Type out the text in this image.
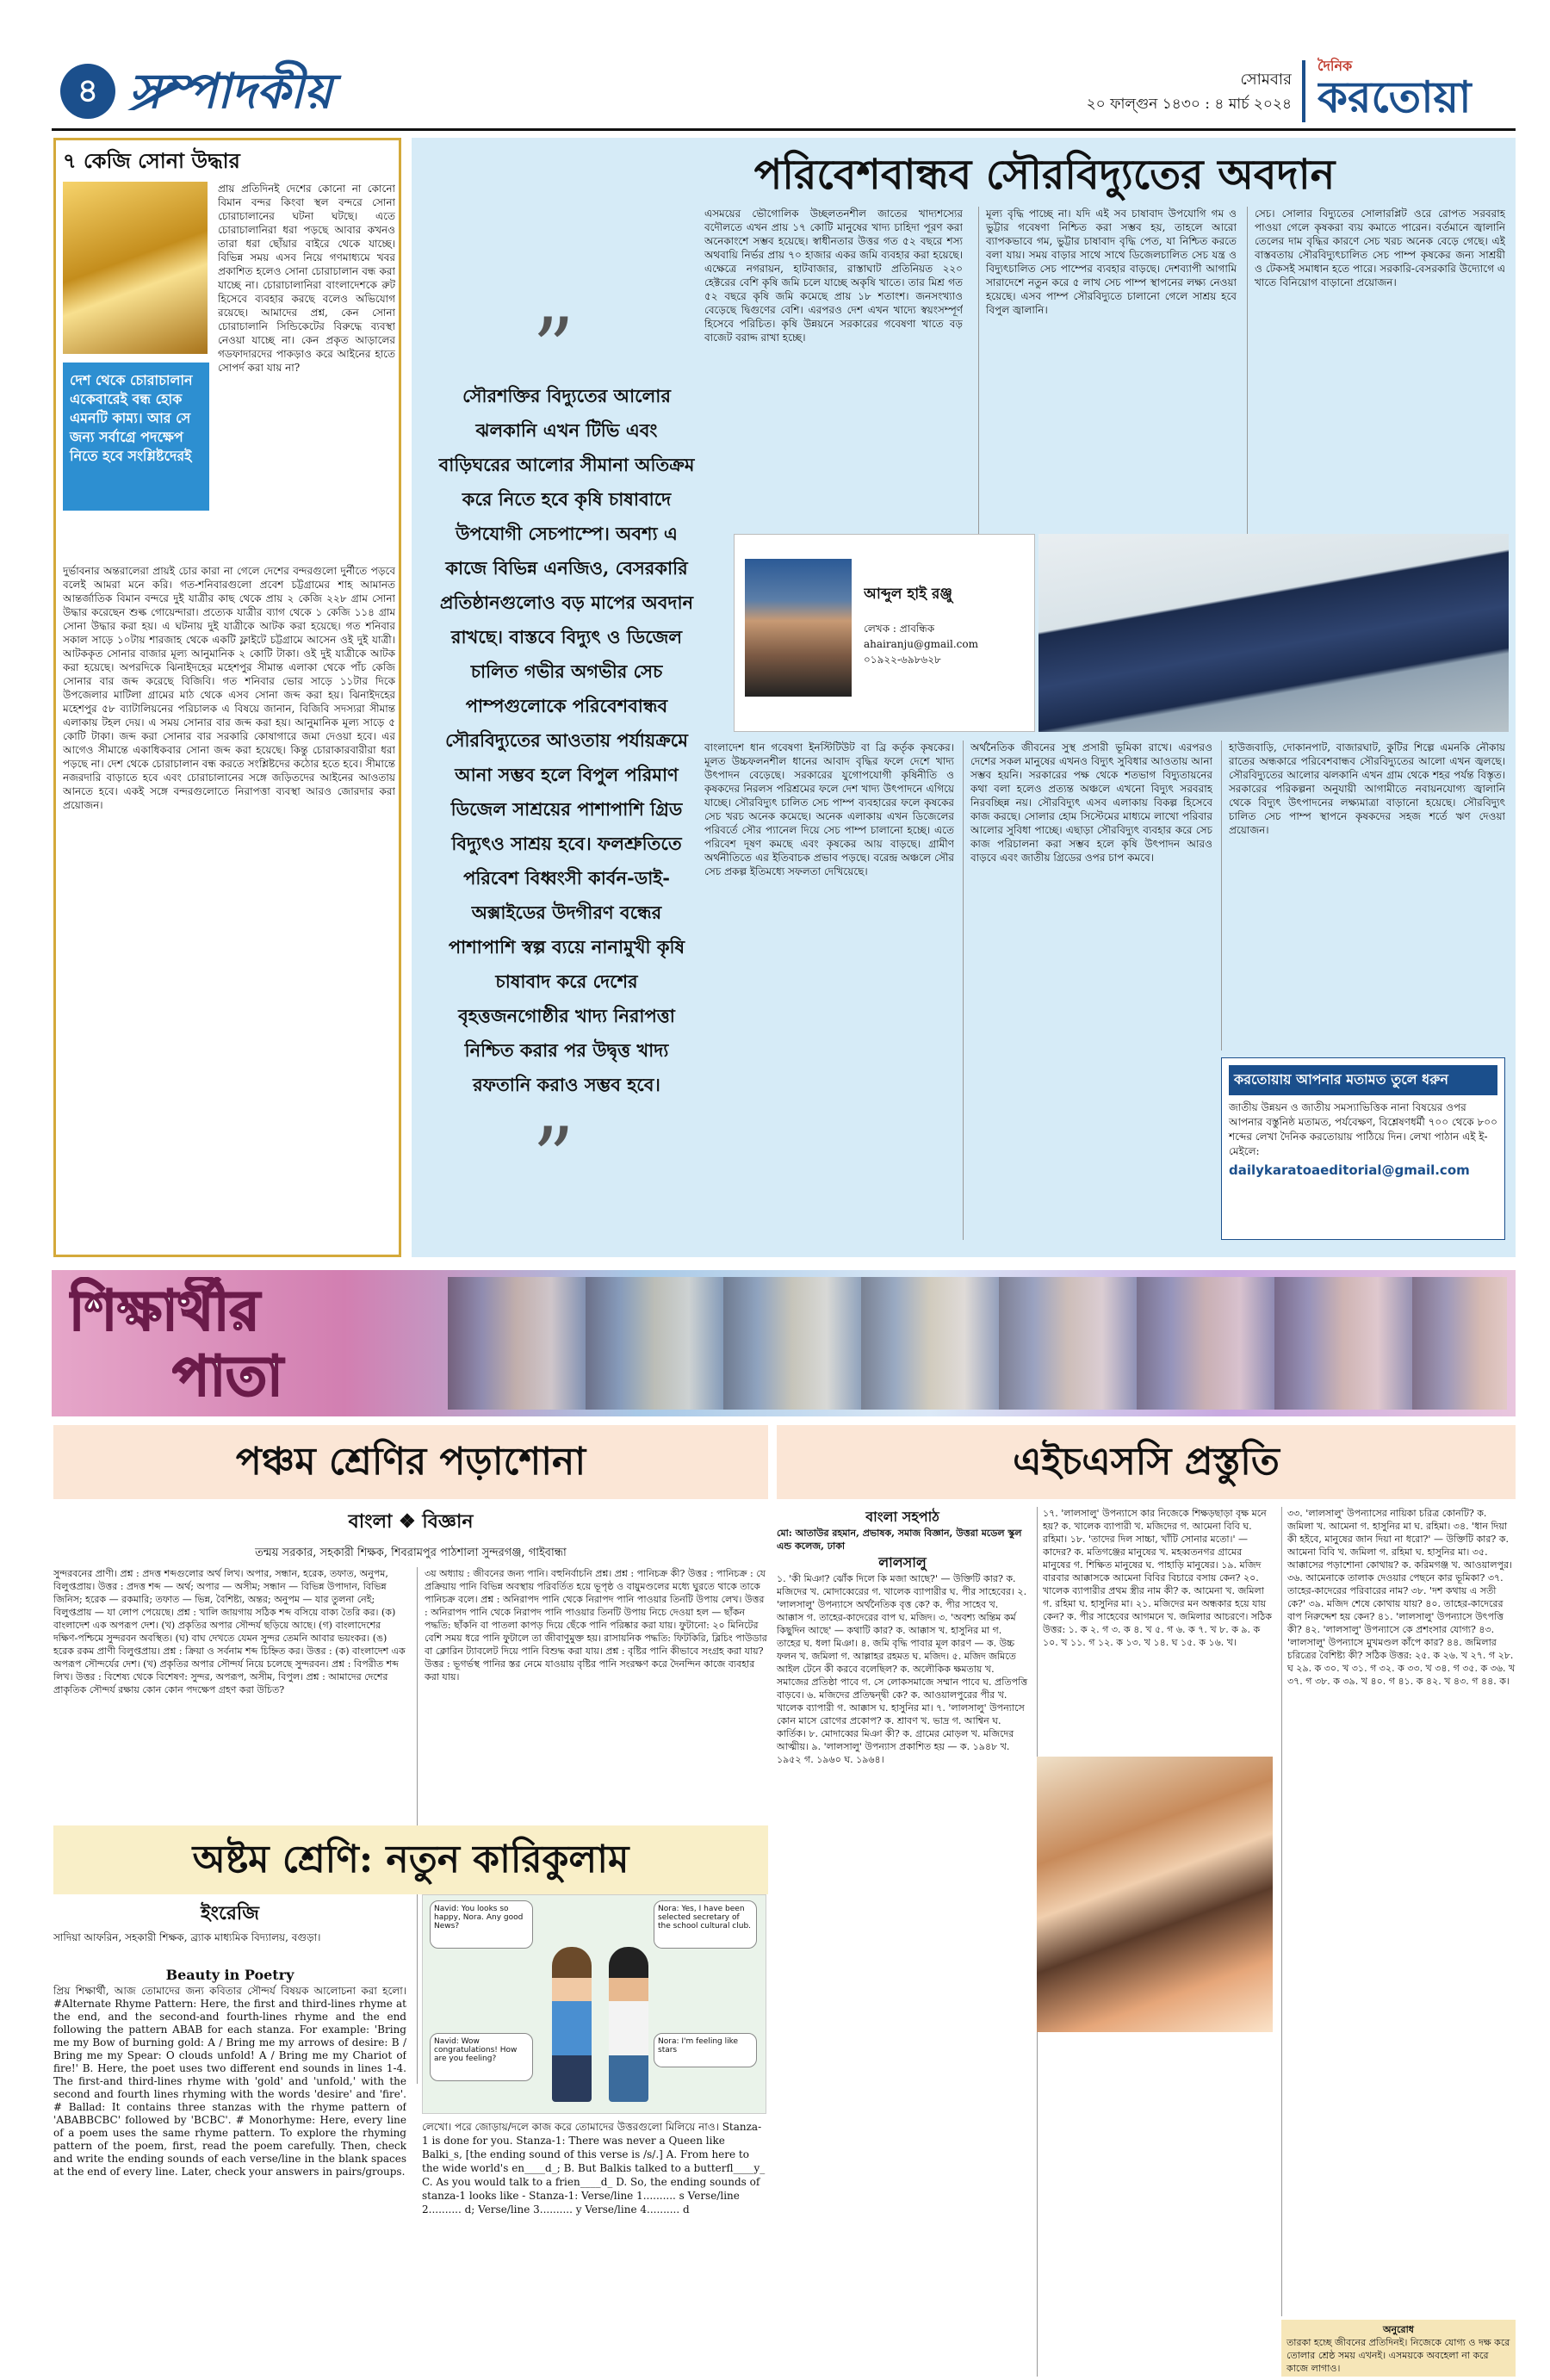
৪ সম্পাদকীয়	সোমবার
২০ ফাল্গুন ১৪৩০ : ৪ মার্চ ২০২৪
দৈনিক
করতোয়া
৭ কেজি সোনা উদ্ধার
প্রায় প্রতিদিনই দেশের কোনো না কোনো বিমান বন্দর কিংবা স্থল বন্দরে সোনা চোরাচালানের ঘটনা ঘটছে। এতে চোরাচালানিরা ধরা পড়ছে আবার কখনও তারা ধরা ছোঁয়ার বাইরে থেকে যাচ্ছে। বিভিন্ন সময় এসব নিয়ে গণমাধ্যমে খবর প্রকাশিত হলেও সোনা চোরাচালান বন্ধ করা যাচ্ছে না। চোরাচালানিরা বাংলাদেশকে রুট হিসেবে ব্যবহার করছে বলেও অভিযোগ রয়েছে। আমাদের প্রশ্ন, কেন সোনা চোরাচালানি সিন্ডিকেটের বিরুদ্ধে ব্যবস্থা নেওয়া যাচ্ছে না। কেন প্রকৃত আড়ালের গডফাদারদের পাকড়াও করে আইনের হাতে সোপর্দ করা যায় না?
দেশ থেকে চোরাচালান একেবারেই বন্ধ হোক এমনটি কাম্য। আর সে জন্য সর্বাগ্রে পদক্ষেপ নিতে হবে সংশ্লিষ্টদেরই
দুর্ভাবনার অন্তরালেরা প্রায়ই চোর কারা না গেলে দেশের বন্দরগুলো দুর্নীতে পড়বে বলেই আমরা মনে করি। গত-শনিবারগুলো প্রবেশ চট্টগ্রামের শাহ আমানত আন্তর্জাতিক বিমান বন্দরে দুই যাত্রীর কাছ থেকে প্রায় ২ কেজি ২২৮ গ্রাম সোনা উদ্ধার করেছেন শুল্ক গোয়েন্দারা। প্রত্যেক যাত্রীর ব্যাগ থেকে ১ কেজি ১১৪ গ্রাম সোনা উদ্ধার করা হয়। এ ঘটনায় দুই যাত্রীকে আটক করা হয়েছে। গত শনিবার সকাল সাড়ে ১০টায় শারজাহ থেকে একটি ফ্লাইটে চট্টগ্রামে আসেন ওই দুই যাত্রী। আটককৃত সোনার বাজার মূল্য আনুমানিক ২ কোটি টাকা। ওই দুই যাত্রীকে আটক করা হয়েছে। অপরদিকে ঝিনাইদহের মহেশপুর সীমান্ত এলাকা থেকে পাঁচ কেজি সোনার বার জব্দ করেছে বিজিবি। গত শনিবার ভোর সাড়ে ১১টার দিকে উপজেলার মাটিলা গ্রামের মাঠ থেকে এসব সোনা জব্দ করা হয়। ঝিনাইদহের মহেশপুর ৫৮ ব্যাটালিয়নের পরিচালক এ বিষয়ে জানান, বিজিবি সদস্যরা সীমান্ত এলাকায় টহল দেয়। এ সময় সোনার বার জব্দ করা হয়। আনুমানিক মূল্য সাড়ে ৫ কোটি টাকা। জব্দ করা সোনার বার সরকারি কোষাগারে জমা দেওয়া হবে। এর আগেও সীমান্তে একাধিকবার সোনা জব্দ করা হয়েছে। কিন্তু চোরাকারবারীরা ধরা পড়ছে না। দেশ থেকে চোরাচালান বন্ধ করতে সংশ্লিষ্টদের কঠোর হতে হবে। সীমান্তে নজরদারি বাড়াতে হবে এবং চোরাচালানের সঙ্গে জড়িতদের আইনের আওতায় আনতে হবে। একই সঙ্গে বন্দরগুলোতে নিরাপত্তা ব্যবস্থা আরও জোরদার করা প্রয়োজন।
পরিবেশবান্ধব সৌরবিদ্যুতের অবদান
”
সৌরশক্তির বিদ্যুতের আলোর ঝলকানি এখন টিভি এবং বাড়িঘরের আলোর সীমানা অতিক্রম করে নিতে হবে কৃষি চাষাবাদে উপযোগী সেচপাম্পে। অবশ্য এ কাজে বিভিন্ন এনজিও, বেসরকারি প্রতিষ্ঠানগুলোও বড় মাপের অবদান রাখছে। বাস্তবে বিদ্যুৎ ও ডিজেল চালিত গভীর অগভীর সেচ পাম্পগুলোকে পরিবেশবান্ধব সৌরবিদ্যুতের আওতায় পর্যায়ক্রমে আনা সম্ভব হলে বিপুল পরিমাণ ডিজেল সাশ্রয়ের পাশাপাশি গ্রিড বিদ্যুৎও সাশ্রয় হবে। ফলশ্রুতিতে পরিবেশ বিধ্বংসী কার্বন-ডাই-অক্সাইডের উদগীরণ বন্ধের পাশাপাশি স্বল্প ব্যয়ে নানামুখী কৃষি চাষাবাদ করে দেশের বৃহত্তজনগোষ্ঠীর খাদ্য নিরাপত্তা নিশ্চিত করার পর উদ্বৃত্ত খাদ্য রফতানি করাও সম্ভব হবে।
”
এসময়ের ভৌগোলিক উচ্ছলতনশীল জাতের খাদ্যশস্যের বদৌলতে এখন প্রায় ১৭ কোটি মানুষের খাদ্য চাহিদা পূরণ করা অনেকাংশে সম্ভব হয়েছে। স্বাধীনতার উত্তর গত ৫২ বছরে শস্য অথবায়ি নির্ভর প্রায় ৭০ হাজার একর জমি ব্যবহার করা হয়েছে। এক্ষেত্রে নগরায়ন, হাটবাজার, রাস্তাঘাট প্রতিনিয়ত ২২০ হেক্টরের বেশি কৃষি জমি চলে যাচ্ছে অকৃষি খাতে। তার মিশ্র গত ৫২ বছরে কৃষি জমি কমেছে প্রায় ১৮ শতাংশ। জনসংখ্যাও বেড়েছে দ্বিগুণের বেশি। এরপরও দেশ এখন খাদ্যে স্বয়ংসম্পূর্ণ হিসেবে পরিচিত। কৃষি উন্নয়নে সরকারের গবেষণা খাতে বড় বাজেট বরাদ্দ রাখা হচ্ছে।
মূল্য বৃদ্ধি পাচ্ছে না। যদি এই সব চাষাবাদ উপযোগি গম ও ভুট্টার গবেষণা নিশ্চিত করা সম্ভব হয়, তাহলে আরো ব্যাপকভাবে গম, ভুট্টার চাষাবাদ বৃদ্ধি পেত, যা নিশ্চিত করতে বলা যায়। সময় বাড়ার সাথে সাথে ডিজেলচালিত সেচ যন্ত্র ও বিদ্যুৎচালিত সেচ পাম্পের ব্যবহার বাড়ছে। দেশব্যাপী আগামি সারাদেশে নতুন করে ৫ লাখ সেচ পাম্প স্থাপনের লক্ষ্য নেওয়া হয়েছে। এসব পাম্প সৌরবিদ্যুতে চালানো গেলে সাশ্রয় হবে বিপুল জ্বালানি।
সেচ। সোলার বিদ্যুতের সোলারপ্লিট ওরে রোপত সরবরাহ পাওয়া গেলে কৃষকরা ব্যয় কমাতে পারেন। বর্তমানে জ্বালানি তেলের দাম বৃদ্ধির কারণে সেচ খরচ অনেক বেড়ে গেছে। এই বাস্তবতায় সৌরবিদ্যুৎচালিত সেচ পাম্প কৃষকের জন্য সাশ্রয়ী ও টেকসই সমাধান হতে পারে। সরকারি-বেসরকারি উদ্যোগে এ খাতে বিনিয়োগ বাড়ানো প্রয়োজন।
আব্দুল হাই রঞ্জু
লেখক : প্রাবন্ধিক
ahairanju@gmail.com
০১৯২২-৬৯৮৬২৮
বাংলাদেশ ধান গবেষণা ইনস্টিটিউট বা ব্রি কর্তৃক কৃষকের। মূলত উচ্চফলনশীল ধানের আবাদ বৃদ্ধির ফলে দেশে খাদ্য উৎপাদন বেড়েছে। সরকারের যুগোপযোগী কৃষিনীতি ও কৃষকদের নিরলস পরিশ্রমের ফলে দেশ খাদ্য উৎপাদনে এগিয়ে যাচ্ছে। সৌরবিদ্যুৎ চালিত সেচ পাম্প ব্যবহারের ফলে কৃষকের সেচ খরচ অনেক কমেছে। অনেক এলাকায় এখন ডিজেলের পরিবর্তে সৌর প্যানেল দিয়ে সেচ পাম্প চালানো হচ্ছে। এতে পরিবেশ দূষণ কমছে এবং কৃষকের আয় বাড়ছে। গ্রামীণ অর্থনীতিতে এর ইতিবাচক প্রভাব পড়ছে। বরেন্দ্র অঞ্চলে সৌর সেচ প্রকল্প ইতিমধ্যে সফলতা দেখিয়েছে।
অর্থনৈতিক জীবনের সুস্থ প্রসারী ভূমিকা রাখে। এরপরও দেশের সকল মানুষের এখনও বিদ্যুৎ সুবিধার আওতায় আনা সম্ভব হয়নি। সরকারের পক্ষ থেকে শতভাগ বিদ্যুতায়নের কথা বলা হলেও প্রত্যন্ত অঞ্চলে এখনো বিদ্যুৎ সরবরাহ নিরবচ্ছিন্ন নয়। সৌরবিদ্যুৎ এসব এলাকায় বিকল্প হিসেবে কাজ করছে। সোলার হোম সিস্টেমের মাধ্যমে লাখো পরিবার আলোর সুবিধা পাচ্ছে। এছাড়া সৌরবিদ্যুৎ ব্যবহার করে সেচ কাজ পরিচালনা করা সম্ভব হলে কৃষি উৎপাদন আরও বাড়বে এবং জাতীয় গ্রিডের ওপর চাপ কমবে।
হাউজবাড়ি, দোকানপাট, বাজারঘাট, কুটির শিল্পে এমনকি নৌকায় রাতের অন্ধকারে পরিবেশবান্ধব সৌরবিদ্যুতের আলো এখন জ্বলছে। সৌরবিদ্যুতের আলোর ঝলকানি এখন গ্রাম থেকে শহর পর্যন্ত বিস্তৃত। সরকারের পরিকল্পনা অনুযায়ী আগামীতে নবায়নযোগ্য জ্বালানি থেকে বিদ্যুৎ উৎপাদনের লক্ষ্যমাত্রা বাড়ানো হয়েছে। সৌরবিদ্যুৎ চালিত সেচ পাম্প স্থাপনে কৃষকদের সহজ শর্তে ঋণ দেওয়া প্রয়োজন।
করতোয়ায় আপনার মতামত তুলে ধরুন
জাতীয় উন্নয়ন ও জাতীয় সমস্যাভিত্তিক নানা বিষয়ের ওপর আপনার বস্তুনিষ্ঠ মতামত, পর্যবেক্ষণ, বিশ্লেষণধর্মী ৭০০ থেকে ৮০০ শব্দের লেখা দৈনিক করতোয়ায় পাঠিয়ে দিন। লেখা পাঠান এই ই-মেইলে:
dailykaratoaeditorial@gmail.com
শিক্ষার্থীর
পাতা
পঞ্চম শ্রেণির পড়াশোনা
বাংলা ❖ বিজ্ঞান
তন্ময় সরকার, সহকারী শিক্ষক, শিবরামপুর পাঠশালা সুন্দরগঞ্জ, গাইবান্ধা
সুন্দরবনের প্রাণী। প্রশ্ন : প্রদত্ত শব্দগুলোর অর্থ লিখ। অপার, সন্ধান, হরেক, তফাত, অনুপম, বিলুপ্তপ্রায়। উত্তর : প্রদত্ত শব্দ — অর্থ; অপার — অসীম; সন্ধান — বিভিন্ন উপাদান, বিভিন্ন জিনিস; হরেক — রকমারি; তফাত — ভিন্ন, বৈশিষ্ট্য, অন্তর; অনুপম — যার তুলনা নেই; বিলুপ্তপ্রায় — যা লোপ পেয়েছে। প্রশ্ন : খালি জায়গায় সঠিক শব্দ বসিয়ে বাক্য তৈরি কর। (ক) বাংলাদেশ এক অপরূপ দেশ। (খ) প্রকৃতির অপার সৌন্দর্য ছড়িয়ে আছে। (গ) বাংলাদেশের দক্ষিণ-পশ্চিমে সুন্দরবন অবস্থিত। (ঘ) বাঘ দেখতে যেমন সুন্দর তেমনি আবার ভয়ংকর। (ঙ) হরেক রকম প্রাণী বিলুপ্তপ্রায়। প্রশ্ন : ক্রিয়া ও সর্বনাম শব্দ চিহ্নিত কর। উত্তর : (ক) বাংলাদেশ এক অপরূপ সৌন্দর্যের দেশ। (খ) প্রকৃতির অপার সৌন্দর্য নিয়ে চলেছে সুন্দরবন। প্রশ্ন : বিপরীত শব্দ লিখ। উত্তর : বিশেষ্য থেকে বিশেষণ: সুন্দর, অপরূপ, অসীম, বিপুল। প্রশ্ন : আমাদের দেশের প্রাকৃতিক সৌন্দর্য রক্ষায় কোন কোন পদক্ষেপ গ্রহণ করা উচিত?
৩য় অধ্যায় : জীবনের জন্য পানি। বহুনির্বাচনি প্রশ্ন। প্রশ্ন : পানিচক্র কী? উত্তর : পানিচক্র : যে প্রক্রিয়ায় পানি বিভিন্ন অবস্থায় পরিবর্তিত হয়ে ভূপৃষ্ঠ ও বায়ুমণ্ডলের মধ্যে ঘুরতে থাকে তাকে পানিচক্র বলে। প্রশ্ন : অনিরাপদ পানি থেকে নিরাপদ পানি পাওয়ার তিনটি উপায় লেখ। উত্তর : অনিরাপদ পানি থেকে নিরাপদ পানি পাওয়ার তিনটি উপায় নিচে দেওয়া হল — ছাঁকন পদ্ধতি: ছাঁকনি বা পাতলা কাপড় দিয়ে ছেঁকে পানি পরিষ্কার করা যায়। ফুটানো: ২০ মিনিটের বেশি সময় ধরে পানি ফুটালে তা জীবাণুমুক্ত হয়। রাসায়নিক পদ্ধতি: ফিটকিরি, ব্লিচিং পাউডার বা ক্লোরিন ট্যাবলেট দিয়ে পানি বিশুদ্ধ করা যায়। প্রশ্ন : বৃষ্টির পানি কীভাবে সংগ্রহ করা যায়? উত্তর : ভূগর্ভস্থ পানির স্তর নেমে যাওয়ায় বৃষ্টির পানি সংরক্ষণ করে দৈনন্দিন কাজে ব্যবহার করা যায়।
অষ্টম শ্রেণি: নতুন কারিকুলাম
ইংরেজি
সাদিয়া আফরিন, সহকারী শিক্ষক, ব্র্যাক মাধ্যমিক বিদ্যালয়, বগুড়া।
Beauty in Poetry
প্রিয় শিক্ষার্থী, আজ তোমাদের জন্য কবিতার সৌন্দর্য বিষয়ক আলোচনা করা হলো। #Alternate Rhyme Pattern: Here, the first and third-lines rhyme at the end, and the second-and fourth-lines rhyme and the end following the pattern ABAB for each stanza. For example: 'Bring me my Bow of burning gold: A / Bring me my arrows of desire: B / Bring me my Spear: O clouds unfold! A / Bring me my Chariot of fire!' B. Here, the poet uses two different end sounds in lines 1-4. The first-and third-lines rhyme with 'gold' and 'unfold,' with the second and fourth lines rhyming with the words 'desire' and 'fire'. # Ballad: It contains three stanzas with the rhyme pattern of 'ABABBCBC' followed by 'BCBC'. # Monorhyme: Here, every line of a poem uses the same rhyme pattern. To explore the rhyming pattern of the poem, first, read the poem carefully. Then, check and write the ending sounds of each verse/line in the blank spaces at the end of every line. Later, check your answers in pairs/groups.
Navid: You looks so happy, Nora. Any good News?
Nora: Yes, I have been selected secretary of the school cultural club.
Navid: Wow congratulations! How are you feeling?
Nora: I'm feeling like stars
লেখো। পরে জোড়ায়/দলে কাজ করে তোমাদের উত্তরগুলো মিলিয়ে নাও। Stanza-1 is done for you. Stanza-1: There was never a Queen like Balki_s, [the ending sound of this verse is /s/.] A. From here to the wide world's en____d_; B. But Balkis talked to a butterfl____y_ C. As you would talk to a frien____d_ D. So, the ending sounds of stanza-1 looks like - Stanza-1: Verse/line 1.......... s Verse/line 2.......... d; Verse/line 3.......... y Verse/line 4.......... d
এইচএসসি প্রস্তুতি
বাংলা সহপাঠ
মো: আতাউর রহমান, প্রভাষক, সমাজ বিজ্ঞান, উত্তরা মডেল স্কুল এন্ড কলেজ, ঢাকা
লালসালু
১. 'কী মিঞা? ঝোঁক দিলে কি মজা আছে?' — উক্তিটি কার? ক. মজিদের খ. মোদাব্বেরের গ. খালেক ব্যাপারীর ঘ. পীর সাহেবের। ২. 'লালসালু' উপন্যাসে অর্থনৈতিক বৃত্ত কে? ক. পীর সাহেব খ. আক্কাস গ. তাহের-কাদেরের বাপ ঘ. মজিদ। ৩. 'অবশ্য অন্তিম কর্ম কিছুদিন আছে' — কথাটি কার? ক. আক্কাস খ. হাসুনির মা গ. তাহের ঘ. ধলা মিঞা। ৪. জমি বৃদ্ধি পাবার মূল কারণ — ক. উচ্চ ফলন খ. জমিলা গ. আল্লাহর রহমত ঘ. মজিদ। ৫. মজিদ জমিতে আইল টেনে কী করবে বলেছিল? ক. অলৌকিক ক্ষমতায় খ. সমাজের প্রতিষ্ঠা পাবে গ. সে লোকসমাজে সম্মান পাবে ঘ. প্রতিপত্তি বাড়বে। ৬. মজিদের প্রতিদ্বন্দ্বী কে? ক. আওয়ালপুরের পীর খ. খালেক ব্যাপারী গ. আক্কাস ঘ. হাসুনির মা। ৭. 'লালসালু' উপন্যাসে কোন মাসে রোগের প্রকোপ? ক. শ্রাবণ খ. ভাদ্র গ. আশ্বিন ঘ. কার্তিক। ৮. মোদাব্বের মিঞা কী? ক. গ্রামের মোড়ল খ. মজিদের আত্মীয়। ৯. 'লালসালু' উপন্যাস প্রকাশিত হয় — ক. ১৯৪৮ খ. ১৯৫২ গ. ১৯৬০ ঘ. ১৯৬৪।
১৭. 'লালসালু' উপন্যাসে কার নিজেকে শিক্ষড়ছাড়া বৃক্ষ মনে হয়? ক. খালেক ব্যাপারী খ. মজিদের গ. আমেনা বিবি ঘ. রহিমা। ১৮. 'তাদের দিল সাচ্চা, খাঁটি সোনার মতো।' — কাদের? ক. মতিগঞ্জের মানুষের খ. মহব্বতনগর গ্রামের মানুষের গ. শিক্ষিত মানুষের ঘ. পাহাড়ি মানুষের। ১৯. মজিদ বারবার আক্কাসকে আমেনা বিবির বিচারে বসায় কেন? ২০. খালেক ব্যাপারীর প্রথম স্ত্রীর নাম কী? ক. আমেনা খ. জমিলা গ. রহিমা ঘ. হাসুনির মা। ২১. মজিদের মন অন্ধকার হয়ে যায় কেন? ক. পীর সাহেবের আগমনে খ. জমিলার আচরণে। সঠিক উত্তর: ১. ক ২. গ ৩. ক ৪. খ ৫. গ ৬. ক ৭. খ ৮. ক ৯. ক ১০. খ ১১. গ ১২. ক ১৩. খ ১৪. ঘ ১৫. ক ১৬. খ।
৩৩. 'লালসালু' উপন্যাসের নায়িকা চরিত্র কোনটি? ক. জমিলা খ. আমেনা গ. হাসুনির মা ঘ. রহিমা। ৩৪. 'ধান দিয়া কী হইবে, মানুষের জান দিয়া না ধরো?' — উক্তিটি কার? ক. আমেনা বিবি খ. জমিলা গ. রহিমা ঘ. হাসুনির মা। ৩৫. আক্কাসের পড়াশোনা কোথায়? ক. করিমগঞ্জ খ. আওয়ালপুর। ৩৬. আমেনাকে তালাক দেওয়ার পেছনে কার ভূমিকা? ৩৭. তাহের-কাদেরের পরিবারের নাম? ৩৮. 'দশ কথায় এ সতী কে?' ৩৯. মজিদ শেষে কোথায় যায়? ৪০. তাহের-কাদেরের বাপ নিরুদ্দেশ হয় কেন? ৪১. 'লালসালু' উপন্যাসে উৎপত্তি কী? ৪২. 'লালসালু' উপন্যাসে কে প্রশংসার যোগ্য? ৪৩. 'লালসালু' উপন্যাসে মুখমণ্ডল কাঁপে কার? ৪৪. জমিলার চরিত্রের বৈশিষ্ট্য কী? সঠিক উত্তর: ২৫. ক ২৬. খ ২৭. গ ২৮. ঘ ২৯. ক ৩০. খ ৩১. গ ৩২. ক ৩৩. খ ৩৪. গ ৩৫. ক ৩৬. খ ৩৭. গ ৩৮. ক ৩৯. খ ৪০. গ ৪১. ক ৪২. খ ৪৩. গ ৪৪. ক।
অনুরোধ
তারকা হচ্ছে জীবনের প্রতিদিনই। নিজেকে যোগ্য ও দক্ষ করে তোলার শ্রেষ্ঠ সময় এখনই। এসময়কে অবহেলা না করে কাজে লাগাও।
